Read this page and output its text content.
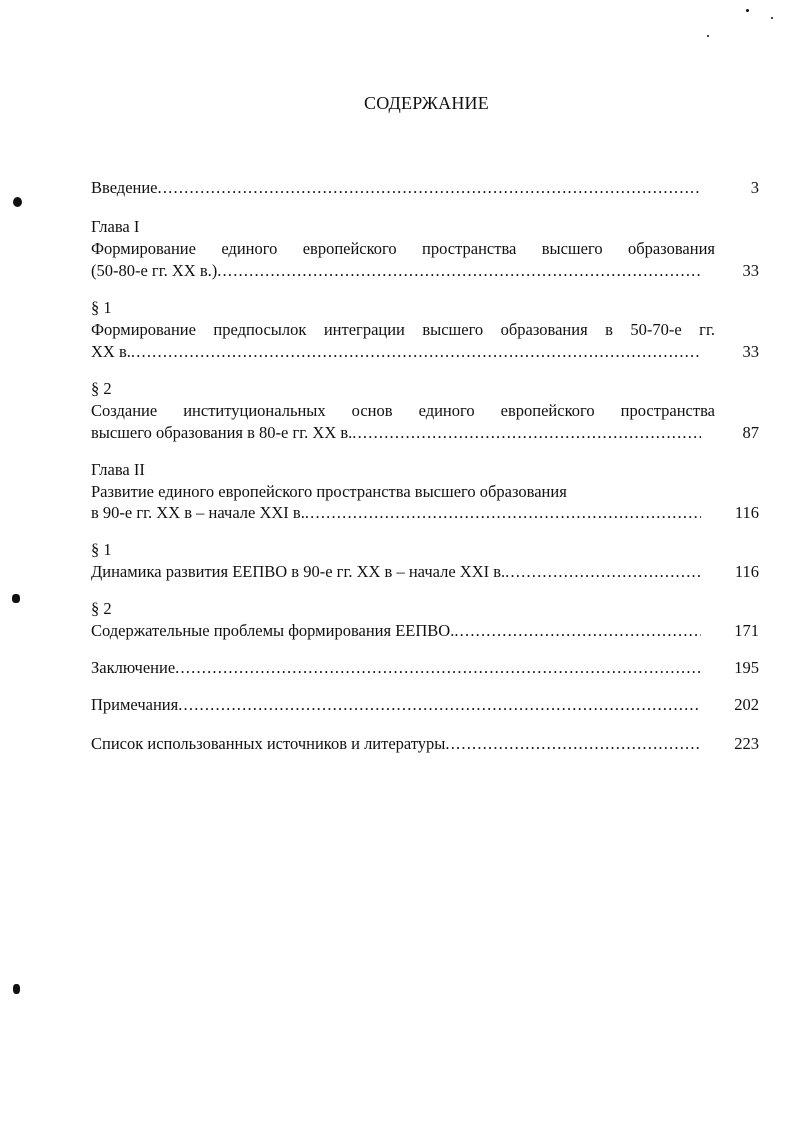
СОДЕРЖАНИЕ
Введение .....	3
Глава I
Формирование единого европейского пространства высшего образования
(50-80-е гг. XX в.) .....	33
§ 1
Формирование предпосылок интеграции высшего образования в 50-70-е гг.
XX в. .....	33
§ 2
Создание институциональных основ единого европейского пространства
высшего образования в 80-е гг. XX в. .....	87
Глава II
Развитие единого европейского пространства высшего образования
в 90-е гг. XX в – начале XXI в. .....	116
§ 1
Динамика развития ЕЕПВО в 90-е гг. XX в – начале XXI в. .....	116
§ 2
Содержательные проблемы формирования ЕЕПВО. .....	171
Заключение .....	195
Примечания .....	202
Список использованных источников и литературы .....	223
